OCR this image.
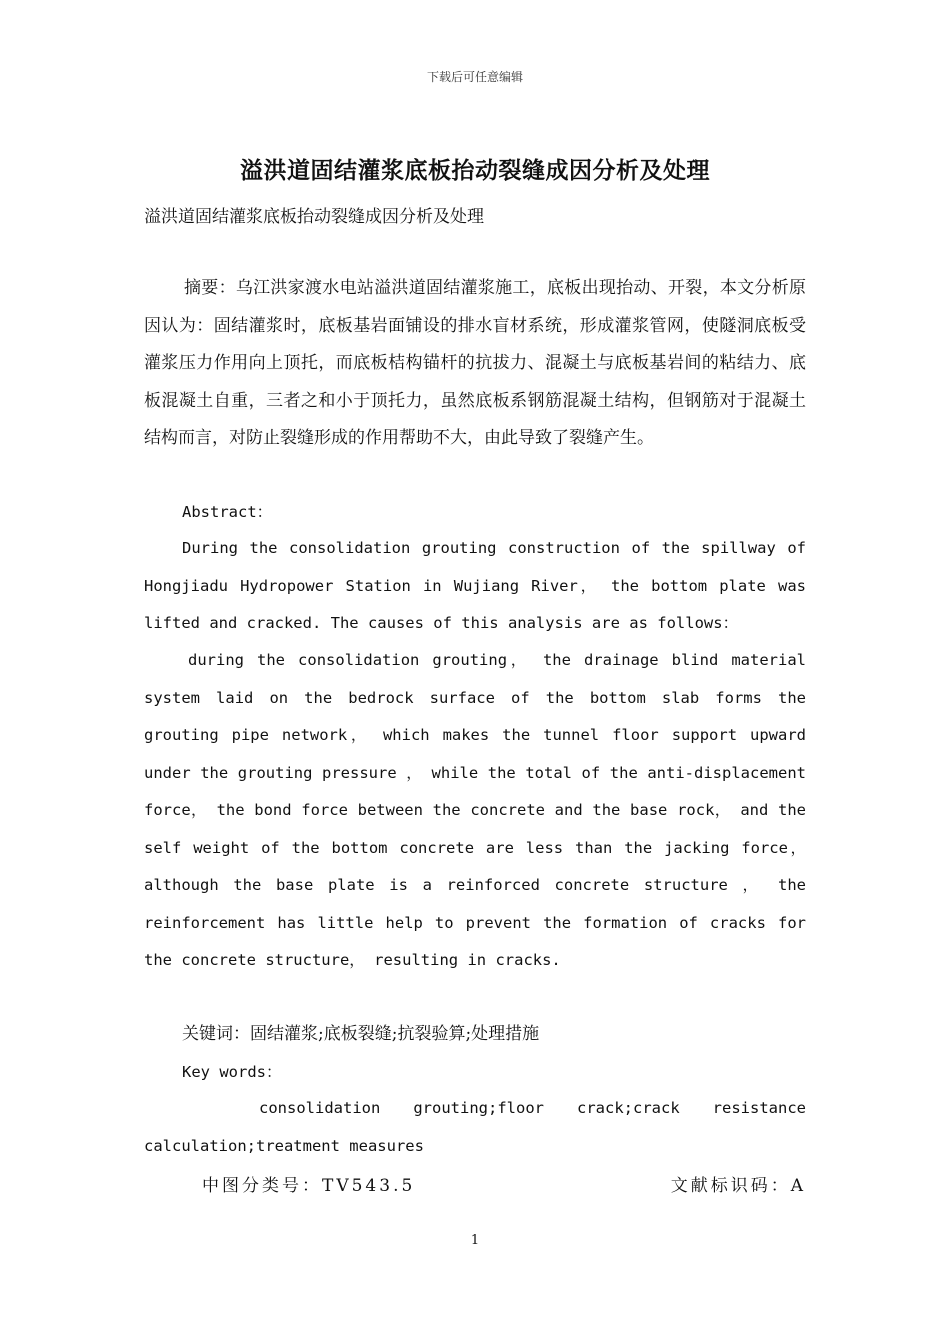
下载后可任意编辑
溢洪道固结灌浆底板抬动裂缝成因分析及处理
溢洪道固结灌浆底板抬动裂缝成因分析及处理
摘要：乌江洪家渡水电站溢洪道固结灌浆施工，底板出现抬动、开裂，本文分析原因认为：固结灌浆时，底板基岩面铺设的排水盲材系统，形成灌浆管网，使隧洞底板受灌浆压力作用向上顶托，而底板桔构锚杆的抗拔力、混凝土与底板基岩间的粘结力、底板混凝土自重，三者之和小于顶托力，虽然底板系钢筋混凝土结构，但钢筋对于混凝土结构而言，对防止裂缝形成的作用帮助不大，由此导致了裂缝产生。
Abstract：
During the consolidation grouting construction of the spillway of Hongjiadu Hydropower Station in Wujiang River， the bottom plate was lifted and cracked. The causes of this analysis are as follows：
during the consolidation grouting， the drainage blind material system laid on the bedrock surface of the bottom slab forms the grouting pipe network， which makes the tunnel floor support upward under the grouting pressure ， while the total of the anti-displacement force， the bond force between the concrete and the base rock， and the self weight of the bottom concrete are less than the jacking force， although the base plate is a reinforced concrete structure ， the reinforcement has little help to prevent the formation of cracks for the concrete structure， resulting in cracks.
关键词：固结灌浆;底板裂缝;抗裂验算;处理措施
Key words：
consolidation grouting;floor crack;crack resistance calculation;treatment measures
中图分类号：TV543.5	文献标识码：A
1
